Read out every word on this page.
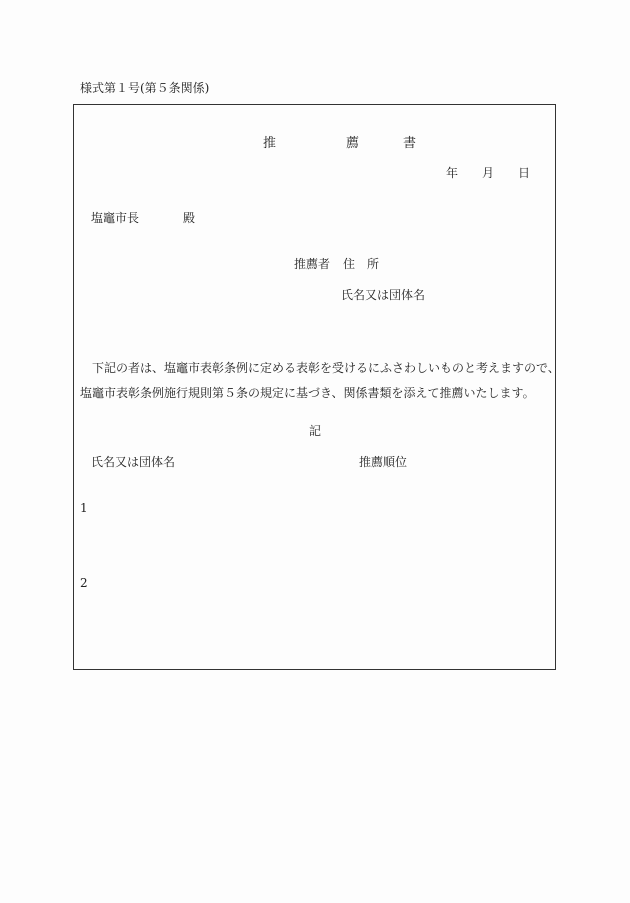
様式第１号(第５条関係)
推	薦	書
年 月 日
塩竈市長	殿
推薦者 住　所
氏名又は団体名
下記の者は、塩竈市表彰条例に定める表彰を受けるにふさわしいものと考えますので、
塩竈市表彰条例施行規則第５条の規定に基づき、関係書類を添えて推薦いたします。
記
氏名又は団体名	推薦順位
1
2
